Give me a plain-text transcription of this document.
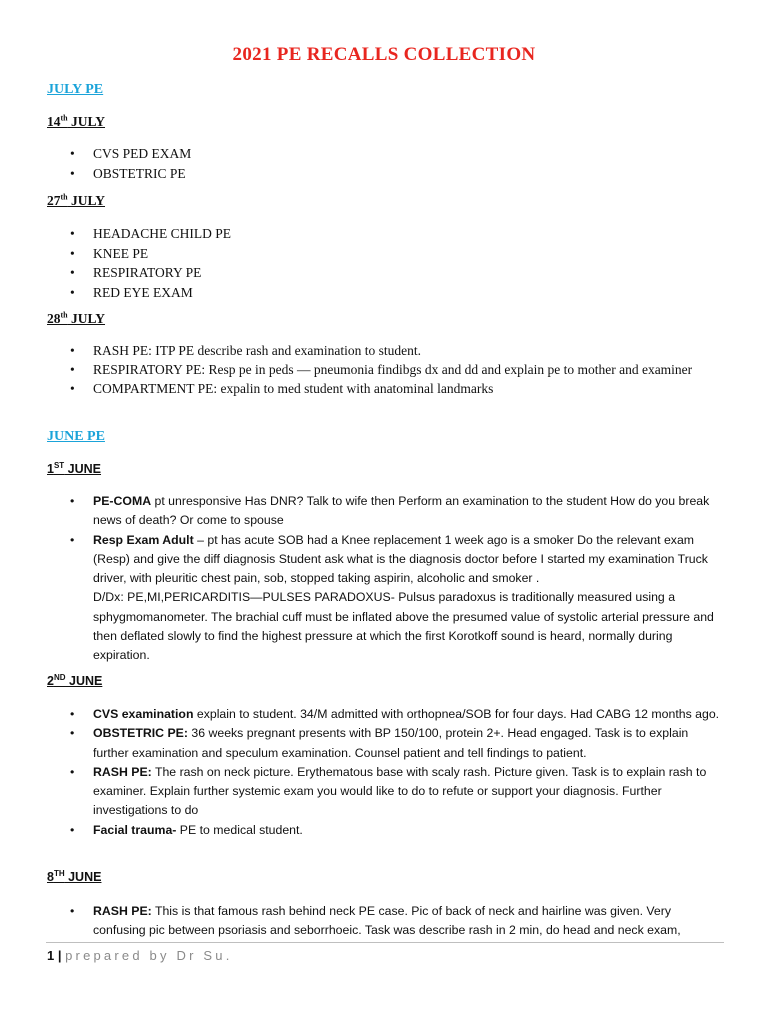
2021 PE RECALLS COLLECTION
JULY PE
14th JULY
• CVS PED EXAM
• OBSTETRIC PE
27th JULY
• HEADACHE CHILD PE
• KNEE PE
• RESPIRATORY PE
• RED EYE EXAM
28th JULY
• RASH PE: ITP PE describe rash and examination to student.
• RESPIRATORY PE: Resp pe in peds — pneumonia findibgs dx and dd and explain pe to mother and examiner
• COMPARTMENT PE: expalin to med student with anatominal landmarks
JUNE PE
1ST JUNE
• PE-COMA pt unresponsive Has DNR? Talk to wife then Perform an examination to the student How do you break news of death? Or come to spouse
• Resp Exam Adult – pt has acute SOB had a Knee replacement 1 week ago is a smoker Do the relevant exam (Resp) and give the diff diagnosis Student ask what is the diagnosis doctor before I started my examination Truck driver, with pleuritic chest pain, sob, stopped taking aspirin, alcoholic and smoker .
D/Dx: PE,MI,PERICARDITIS—PULSES PARADOXUS- Pulsus paradoxus is traditionally measured using a sphygmomanometer. The brachial cuff must be inflated above the presumed value of systolic arterial pressure and then deflated slowly to find the highest pressure at which the first Korotkoff sound is heard, normally during expiration.
2ND JUNE
• CVS examination explain to student. 34/M admitted with orthopnea/SOB for four days. Had CABG 12 months ago.
• OBSTETRIC PE: 36 weeks pregnant presents with BP 150/100, protein 2+. Head engaged. Task is to explain further examination and speculum examination. Counsel patient and tell findings to patient.
• RASH PE: The rash on neck picture. Erythematous base with scaly rash. Picture given. Task is to explain rash to examiner. Explain further systemic exam you would like to do to refute or support your diagnosis. Further investigations to do
• Facial trauma- PE to medical student.
8TH JUNE
• RASH PE: This is that famous rash behind neck PE case. Pic of back of neck and hairline was given. Very confusing pic between psoriasis and seborrhoeic. Task was describe rash in 2 min, do head and neck exam,
1 | prepared by Dr Su.
